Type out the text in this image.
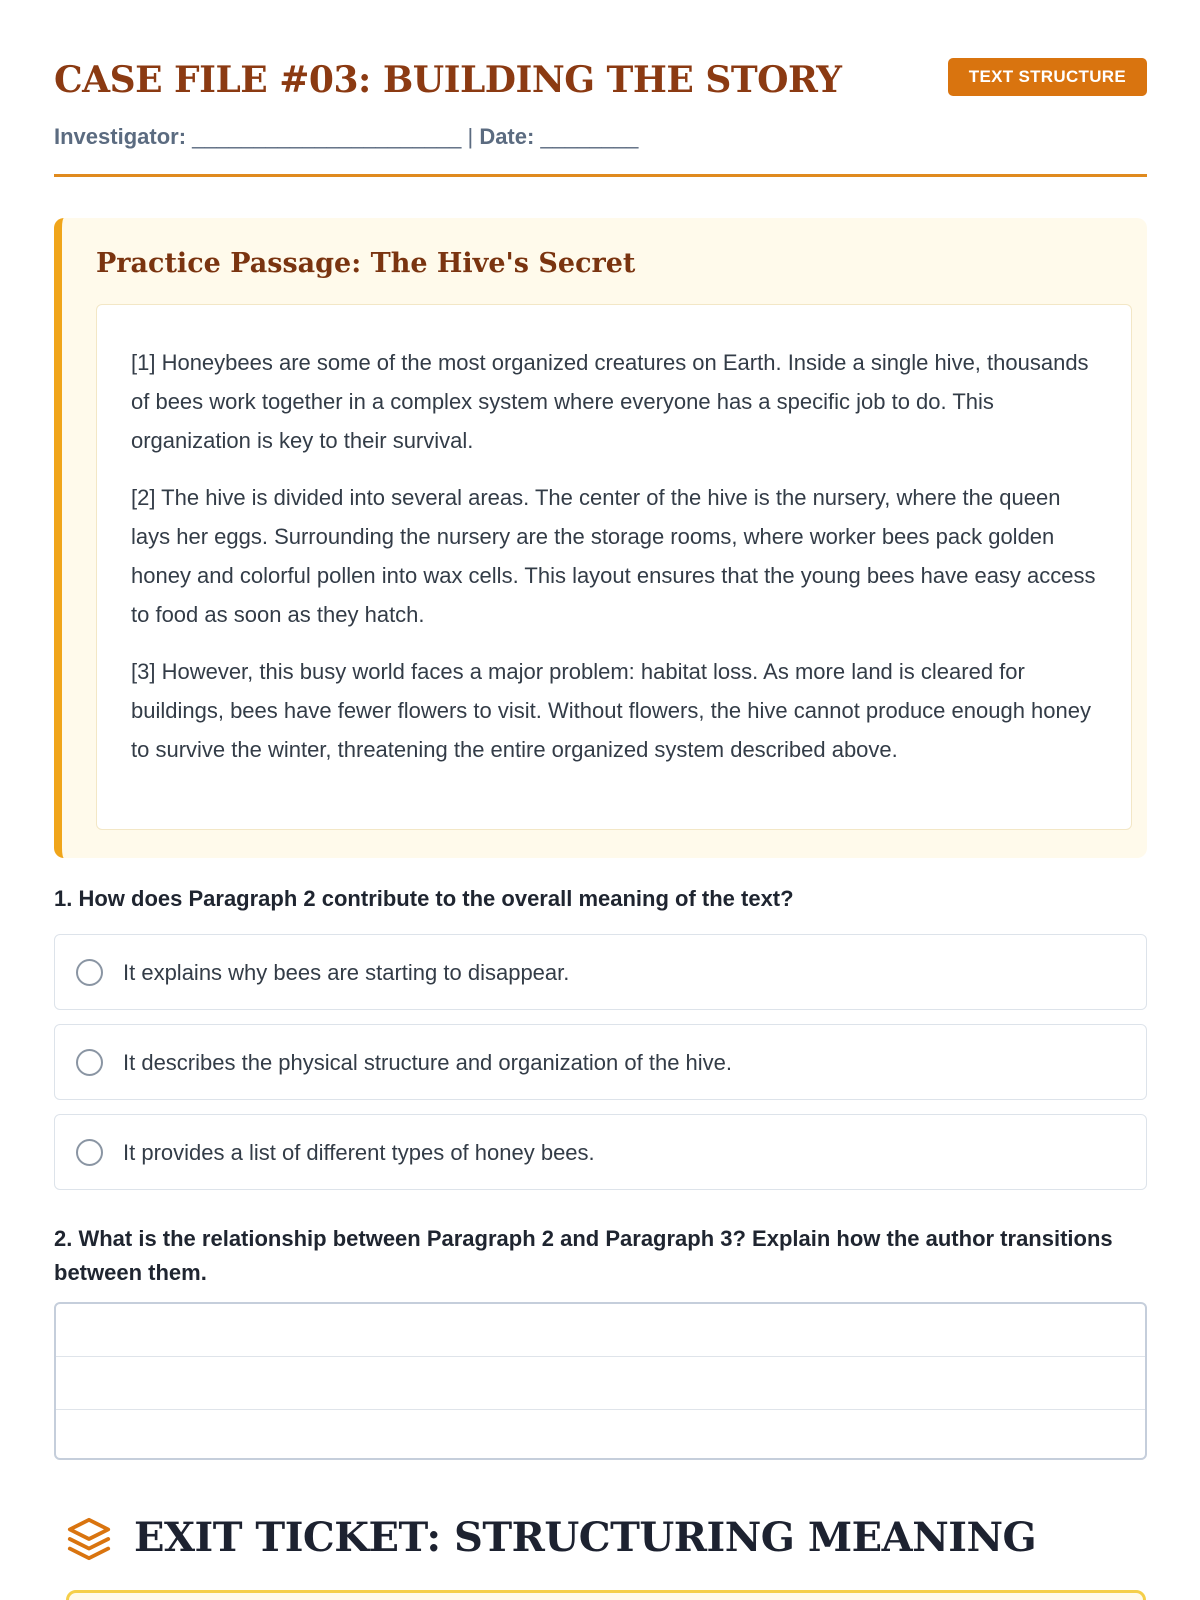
CASE FILE #03: BUILDING THE STORY	TEXT STRUCTURE
Investigator: ______________________ | Date: ________
Practice Passage: The Hive's Secret

[1] Honeybees are some of the most organized creatures on Earth. Inside a single hive, thousands of bees work together in a complex system where everyone has a specific job to do. This organization is key to their survival.

[2] The hive is divided into several areas. The center of the hive is the nursery, where the queen lays her eggs. Surrounding the nursery are the storage rooms, where worker bees pack golden honey and colorful pollen into wax cells. This layout ensures that the young bees have easy access to food as soon as they hatch.

[3] However, this busy world faces a major problem: habitat loss. As more land is cleared for buildings, bees have fewer flowers to visit. Without flowers, the hive cannot produce enough honey to survive the winter, threatening the entire organized system described above.

1. How does Paragraph 2 contribute to the overall meaning of the text?
It explains why bees are starting to disappear.
It describes the physical structure and organization of the hive.
It provides a list of different types of honey bees.
2. What is the relationship between Paragraph 2 and Paragraph 3? Explain how the author transitions between them.
EXIT TICKET: STRUCTURING MEANING
